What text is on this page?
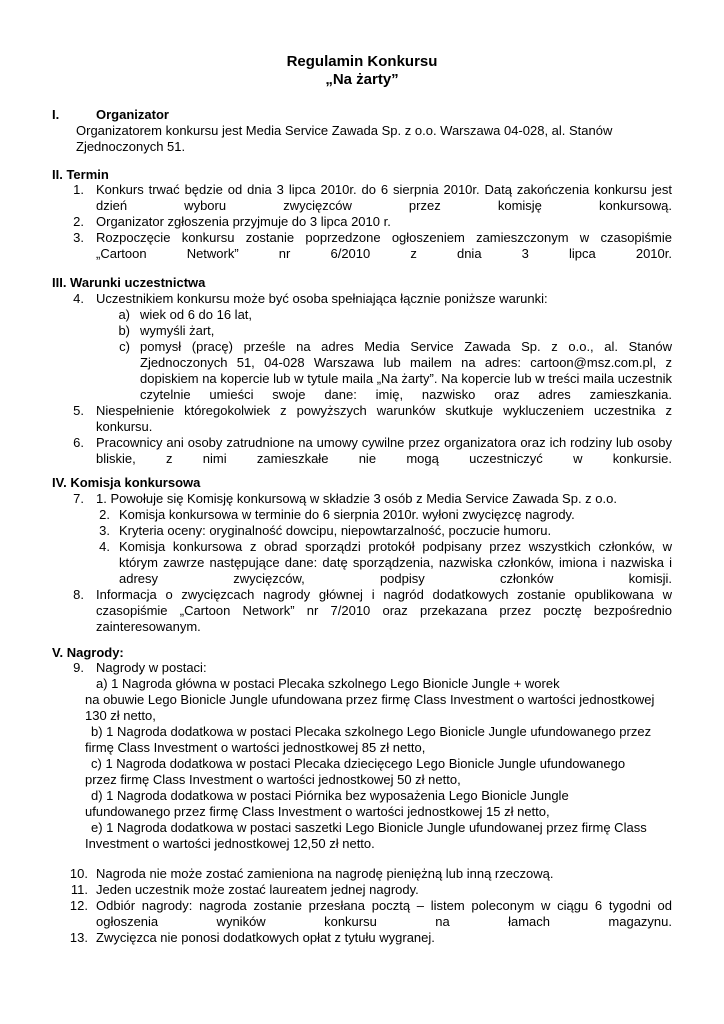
Regulamin Konkursu
„Na żarty”
I.	Organizator
Organizatorem konkursu jest Media Service Zawada Sp. z o.o. Warszawa 04-028, al. Stanów Zjednoczonych 51.
II. Termin
1. Konkurs trwać będzie od dnia 3 lipca 2010r. do 6 sierpnia 2010r. Datą zakończenia konkursu jest dzień wyboru zwycięzców przez komisję konkursową.
2. Organizator zgłoszenia przyjmuje do 3 lipca 2010 r.
3. Rozpoczęcie konkursu zostanie poprzedzone ogłoszeniem zamieszczonym w czasopiśmie „Cartoon Network” nr 6/2010 z dnia 3 lipca 2010r.
III. Warunki uczestnictwa
4. Uczestnikiem konkursu może być osoba spełniająca łącznie poniższe warunki:
a) wiek od 6 do 16 lat,
b) wymyśli żart,
c) pomysł (pracę) prześle na adres Media Service Zawada Sp. z o.o., al. Stanów Zjednoczonych 51, 04-028 Warszawa lub mailem na adres: cartoon@msz.com.pl, z dopiskiem na kopercie lub w tytule maila „Na żarty”. Na kopercie lub w treści maila uczestnik czytelnie umieści swoje dane: imię, nazwisko oraz adres zamieszkania.
5. Niespełnienie któregokolwiek z powyższych warunków skutkuje wykluczeniem uczestnika z konkursu.
6. Pracownicy ani osoby zatrudnione na umowy cywilne przez organizatora oraz ich rodziny lub osoby bliskie, z nimi zamieszkałe nie mogą uczestniczyć w konkursie.
IV. Komisja konkursowa
7. 1. Powołuje się Komisję konkursową w składzie 3 osób z Media Service Zawada Sp. z o.o.
2. Komisja konkursowa w terminie do 6 sierpnia 2010r. wyłoni zwycięzcę nagrody.
3. Kryteria oceny: oryginalność dowcipu, niepowtarzalność, poczucie humoru.
4. Komisja konkursowa z obrad sporządzi protokół podpisany przez wszystkich członków, w którym zawrze następujące dane: datę sporządzenia, nazwiska członków, imiona i nazwiska i adresy zwycięzców, podpisy członków komisji.
8. Informacja o zwycięzcach nagrody głównej i nagród dodatkowych zostanie opublikowana w czasopiśmie „Cartoon Network” nr 7/2010 oraz przekazana przez pocztę bezpośrednio zainteresowanym.
V. Nagrody:
9. Nagrody w postaci:
a) 1 Nagroda główna w postaci Plecaka szkolnego Lego Bionicle Jungle + worek
na obuwie Lego Bionicle Jungle ufundowana przez firmę Class Investment o wartości jednostkowej
130 zł netto,
b) 1 Nagroda dodatkowa w postaci Plecaka szkolnego Lego Bionicle Jungle ufundowanego przez
firmę Class Investment o wartości jednostkowej 85 zł netto,
c) 1 Nagroda dodatkowa w postaci Plecaka dziecięcego Lego Bionicle Jungle ufundowanego
przez firmę Class Investment o wartości jednostkowej 50 zł netto,
d) 1 Nagroda dodatkowa w postaci Piórnika bez wyposażenia Lego Bionicle Jungle
ufundowanego przez firmę Class Investment o wartości jednostkowej 15 zł netto,
e) 1 Nagroda dodatkowa w postaci saszetki Lego Bionicle Jungle ufundowanej przez firmę Class
Investment o wartości jednostkowej 12,50 zł netto.
10. Nagroda nie może zostać zamieniona na nagrodę pieniężną lub inną rzeczową.
11. Jeden uczestnik może zostać laureatem jednej nagrody.
12. Odbiór nagrody: nagroda zostanie przesłana pocztą – listem poleconym w ciągu 6 tygodni od ogłoszenia wyników konkursu na łamach magazynu.
13. Zwycięzca nie ponosi dodatkowych opłat z tytułu wygranej.
